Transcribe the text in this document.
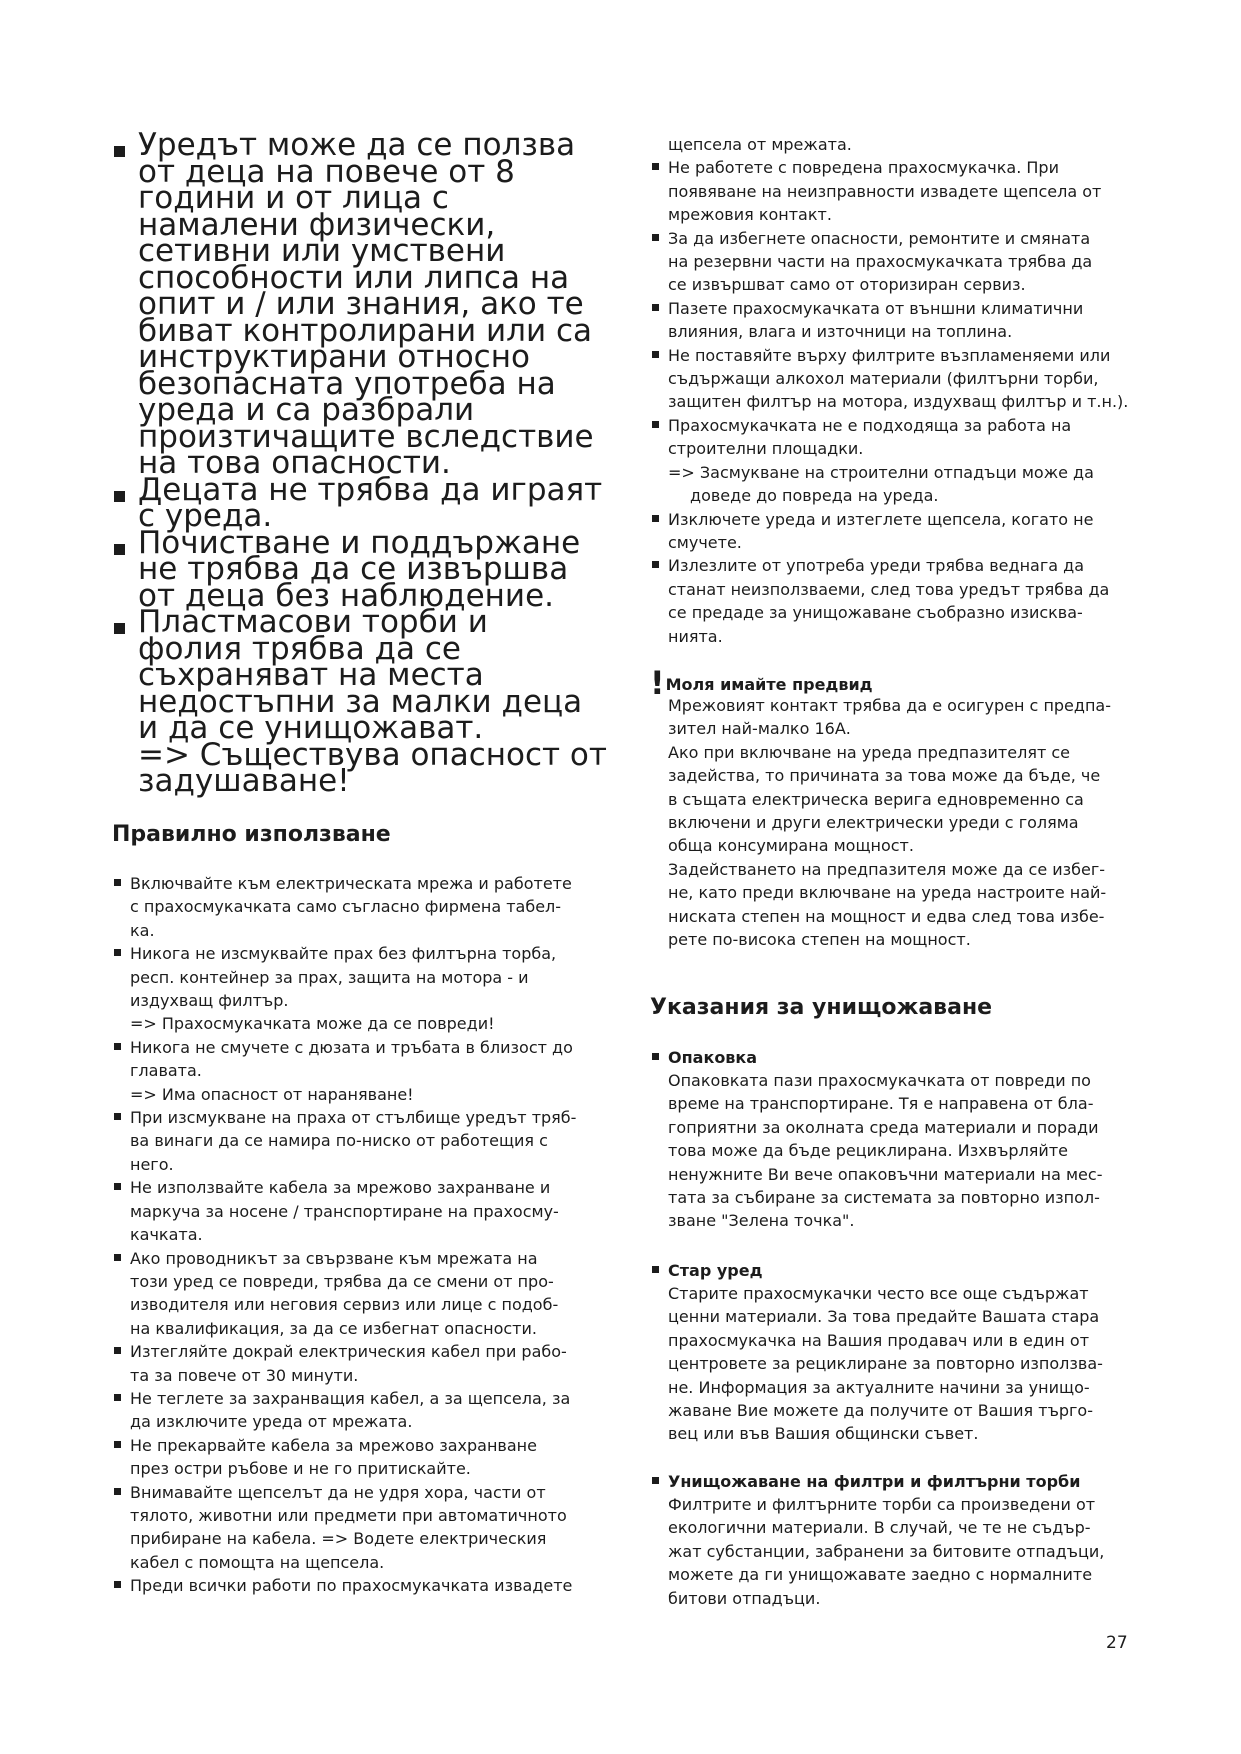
Уредът може да се ползва
от деца на повече от 8
години и от лица с
намалени физически,
сетивни или умствени
способности или липса на
опит и / или знания, ако те
биват контролирани или са
инструктирани относно
безопасната употреба на
уреда и са разбрали
произтичащите вследствие
на това опасности.
Децата не трябва да играят
с уреда.
Почистване и поддържане
не трябва да се извършва
от деца без наблюдение.
Пластмасови торби и
фолия трябва да се
съхраняват на места
недостъпни за малки деца
и да се унищожават.
=> Съществува опасност от
задушаване!
Правилно използване
Включвайте към електрическата мрежа и работете
с прахосмукачката само съгласно фирмена табел-
ка.
Никога не изсмуквайте прах без филтърна торба,
респ. контейнер за прах, защита на мотора - и
издухващ филтър.
=> Прахосмукачката може да се повреди!
Никога не смучете с дюзата и тръбата в близост до
главата.
=> Има опасност от нараняване!
При изсмукване на праха от стълбище уредът тряб-
ва винаги да се намира по-ниско от работещия с
него.
Не използвайте кабела за мрежово захранване и
маркуча за носене / транспортиране на прахосму-
качката.
Ако проводникът за свързване към мрежата на
този уред се повреди, трябва да се смени от про-
изводителя или неговия сервиз или лице с подоб-
на квалификация, за да се избегнат опасности.
Изтегляйте докрай електрическия кабел при рабо-
та за повече от 30 минути.
Не теглете за захранващия кабел, а за щепсела, за
да изключите уреда от мрежата.
Не прекарвайте кабела за мрежово захранване
през остри ръбове и не го притискайте.
Внимавайте щепселът да не удря хора, части от
тялото, животни или предмети при автоматичното
прибиране на кабела. => Водете електрическия
кабел с помощта на щепсела.
Преди всички работи по прахосмукачката извадете
щепсела от мрежата.
Не работете с повредена прахосмукачка. При
появяване на неизправности извадете щепсела от
мрежовия контакт.
За да избегнете опасности, ремонтите и смяната
на резервни части на прахосмукачката трябва да
се извършват само от оторизиран сервиз.
Пазете прахосмукачката от външни климатични
влияния, влага и източници на топлина.
Не поставяйте върху филтрите възпламеняеми или
съдържащи алкохол материали (филтърни торби,
защитен филтър на мотора, издухващ филтър и т.н.).
Прахосмукачката не е подходяща за работа на
строителни площадки.
=> Засмукване на строителни отпадъци може да
доведе до повреда на уреда.
Изключете уреда и изтеглете щепсела, когато не
смучете.
Излезлите от употреба уреди трябва веднага да
станат неизползваеми, след това уредът трябва да
се предаде за унищожаване съобразно изисква-
нията.
!Моля имайте предвид
Мрежовият контакт трябва да е осигурен с предпа-
зител най-малко 16А.
Ако при включване на уреда предпазителят се
задейства, то причината за това може да бъде, че
в същата електрическа верига едновременно са
включени и други електрически уреди с голяма
обща консумирана мощност.
Задействането на предпазителя може да се избег-
не, като преди включване на уреда настроите най-
ниската степен на мощност и едва след това избе-
рете по-висока степен на мощност.
Указания за унищожаване
Опаковка
Опаковката пази прахосмукачката от повреди по
време на транспортиране. Тя е направена от бла-
гоприятни за околната среда материали и поради
това може да бъде рециклирана. Изхвърляйте
ненужните Ви вече опаковъчни материали на мес-
тата за събиране за системата за повторно изпол-
зване "Зелена точка".
Стар уред
Старите прахосмукачки често все още съдържат
ценни материали. За това предайте Вашата стара
прахосмукачка на Вашия продавач или в един от
центровете за рециклиране за повторно използва-
не. Информация за актуалните начини за унищо-
жаване Вие можете да получите от Вашия търго-
вец или във Вашия общински съвет.
Унищожаване на филтри и филтърни торби
Филтрите и филтърните торби са произведени от
екологични материали. В случай, че те не съдър-
жат субстанции, забранени за битовите отпадъци,
можете да ги унищожавате заедно с нормалните
битови отпадъци.
27
